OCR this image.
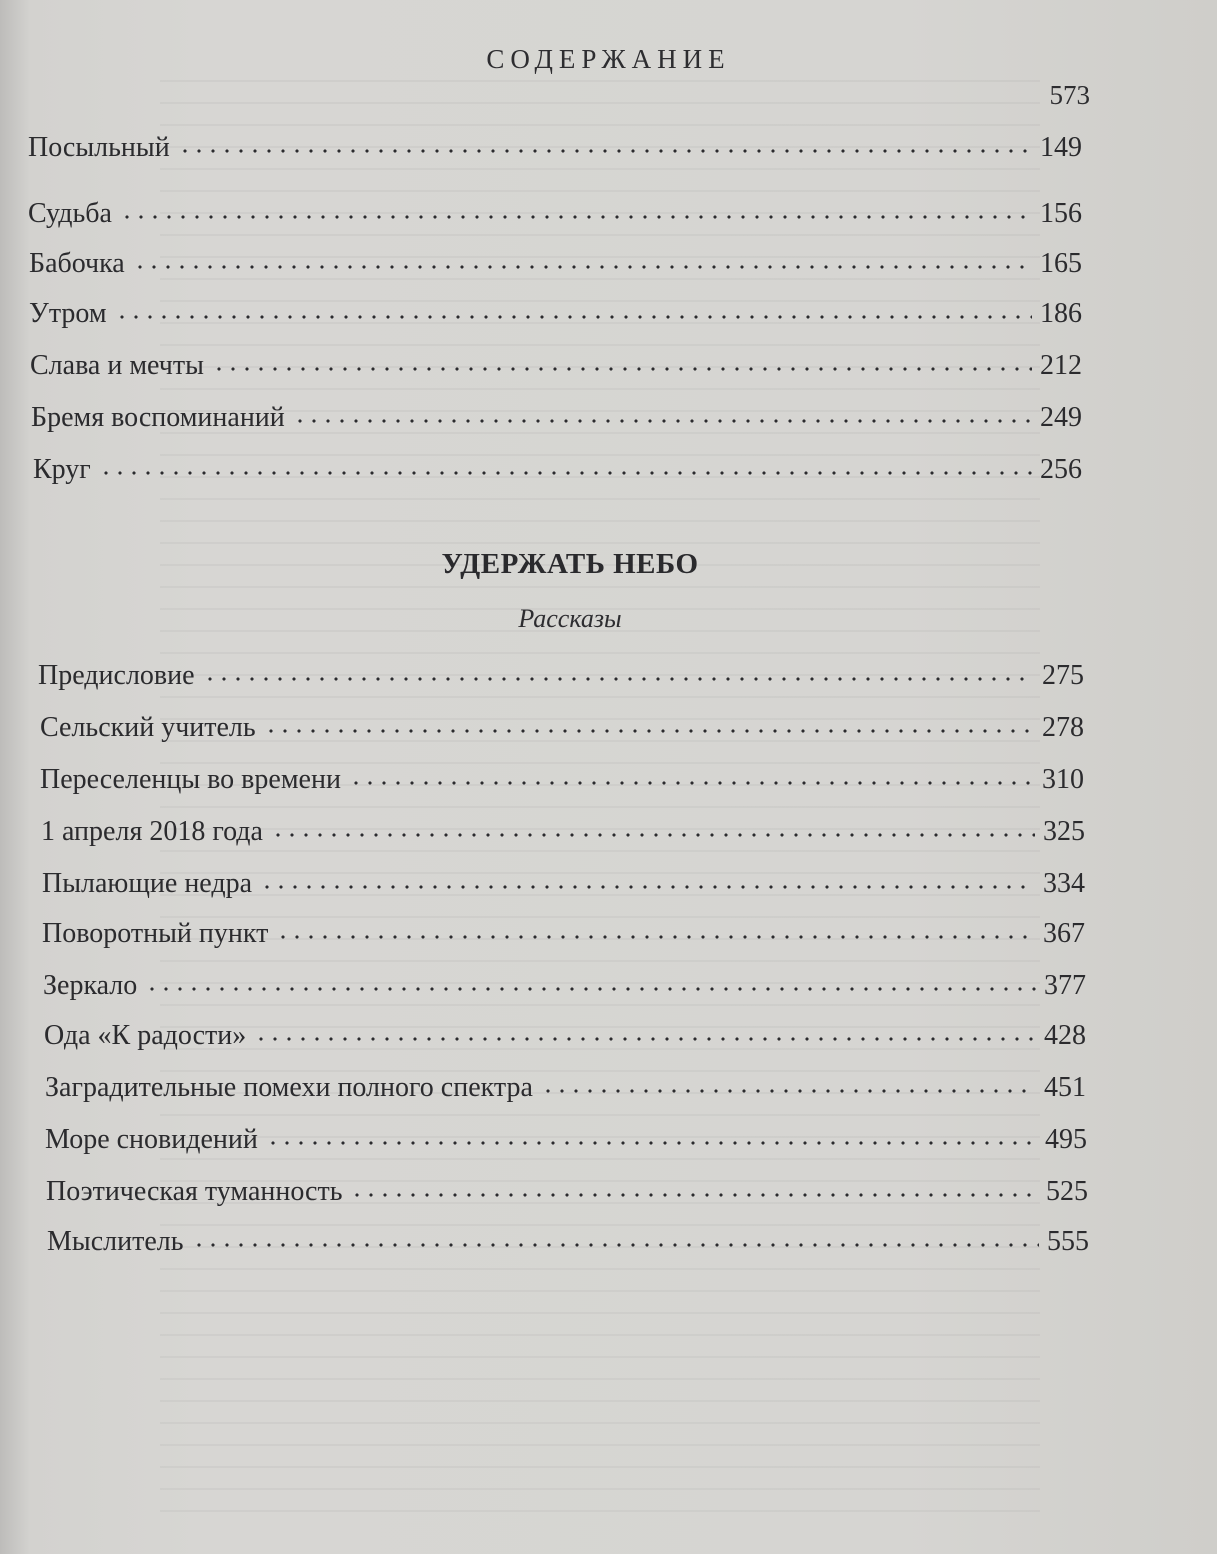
СОДЕРЖАНИЕ
573
Посыльный	149
Судьба	156
Бабочка	165
Утром	186
Слава и мечты	212
Бремя воспоминаний	249
Круг	256
УДЕРЖАТЬ НЕБО
Рассказы
Предисловие	275
Сельский учитель	278
Переселенцы во времени	310
1 апреля 2018 года	325
Пылающие недра	334
Поворотный пункт	367
Зеркало	377
Ода «К радости»	428
Заградительные помехи полного спектра	451
Море сновидений	495
Поэтическая туманность	525
Мыслитель	555
